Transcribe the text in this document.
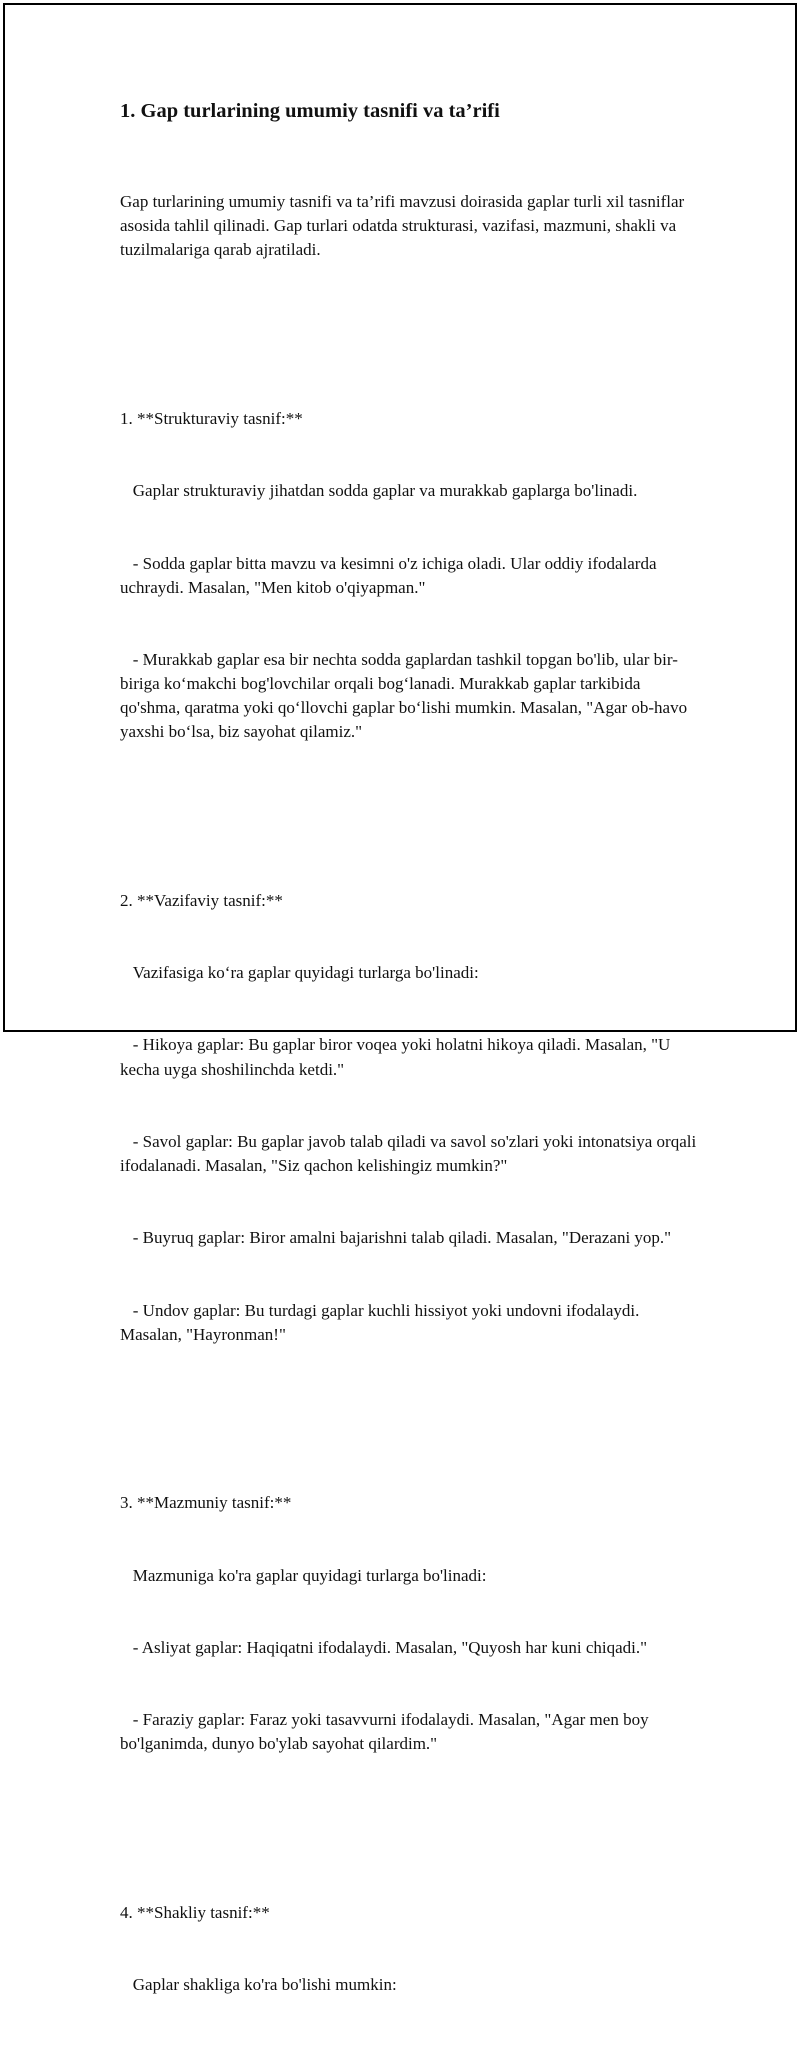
1. Gap turlarining umumiy tasnifi va ta’rifi

Gap turlarining umumiy tasnifi va ta’rifi mavzusi doirasida gaplar turli xil tasniflar asosida tahlil qilinadi. Gap turlari odatda strukturasi, vazifasi, mazmuni, shakli va tuzilmalariga qarab ajratiladi.

1. **Strukturaviy tasnif:**

Gaplar strukturaviy jihatdan sodda gaplar va murakkab gaplarga bo'linadi.

- Sodda gaplar bitta mavzu va kesimni o'z ichiga oladi. Ular oddiy ifodalarda uchraydi. Masalan, "Men kitob o'qiyapman."

- Murakkab gaplar esa bir nechta sodda gaplardan tashkil topgan bo'lib, ular bir-biriga ko‘makchi bog'lovchilar orqali bog‘lanadi. Murakkab gaplar tarkibida qo'shma, qaratma yoki qo‘llovchi gaplar bo‘lishi mumkin. Masalan, "Agar ob-havo yaxshi bo‘lsa, biz sayohat qilamiz."

2. **Vazifaviy tasnif:**

Vazifasiga ko‘ra gaplar quyidagi turlarga bo'linadi:

- Hikoya gaplar: Bu gaplar biror voqea yoki holatni hikoya qiladi. Masalan, "U kecha uyga shoshilinchda ketdi."

- Savol gaplar: Bu gaplar javob talab qiladi va savol so'zlari yoki intonatsiya orqali ifodalanadi. Masalan, "Siz qachon kelishingiz mumkin?"

- Buyruq gaplar: Biror amalni bajarishni talab qiladi. Masalan, "Derazani yop."

- Undov gaplar: Bu turdagi gaplar kuchli hissiyot yoki undovni ifodalaydi. Masalan, "Hayronman!"

3. **Mazmuniy tasnif:**

Mazmuniga ko'ra gaplar quyidagi turlarga bo'linadi:

- Asliyat gaplar: Haqiqatni ifodalaydi. Masalan, "Quyosh har kuni chiqadi."

- Faraziy gaplar: Faraz yoki tasavvurni ifodalaydi. Masalan, "Agar men boy bo'lganimda, dunyo bo'ylab sayohat qilardim."

4. **Shakliy tasnif:**

Gaplar shakliga ko'ra bo'lishi mumkin:
